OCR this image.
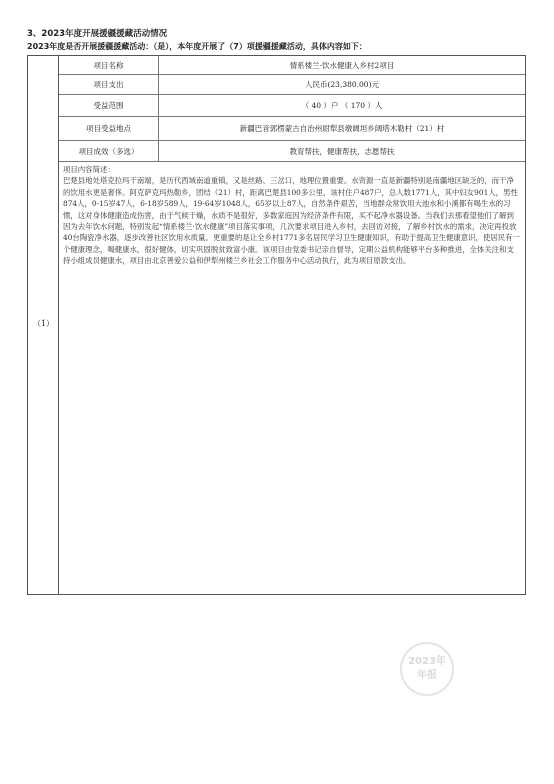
3、2023年度开展援疆援藏活动情况
2023年度是否开展援疆援藏活动：（是），本年度开展了（7）项援疆援藏活动，具体内容如下：
（1）
项目名称	情系楼兰·饮水健康入乡村2项目
项目支出	人民币(23,380.00)元
受益范围	（ 40 ）户 （ 170 ）人
项目受益地点	新疆巴音郭楞蒙古自治州尉犁县墩阔坦乡阔塔木勒村（21）村
项目成效（多选）	教育帮扶，健康帮扶，志愿帮扶

项目内容简述：

巴楚县地处塔克拉玛干南端，是历代西域南道重镇，又是丝路、三岔口，地理位置重要。水资源一直是新疆特别是南疆地区缺乏的，而干净的饮用水更是奢侈。阿克萨克玛热勒乡，团结（21）村，距离巴楚县100多公里，该村住户487户，总人数1771人，其中妇女901人，男性874人，0-15岁47人，6-18岁589人，19-64岁1048人，65岁以上87人，自然条件艰苦，当地群众常饮用大池水和小溪都有喝生水的习惯，这对身体健康造成伤害，由于气候干燥，水质不是很好，多数家庭因为经济条件有限，买不起净水器设备。当我们去那看望他们了解到因为去年饮水问题，特别发起“情系楼兰·饮水健康”项目落实事项，几次要求项目进入乡村，去回访对接，了解乡村饮水的需求，决定再投放40台陶瓷净水器，逐步改善社区饮用水质量。更重要的是让全乡村1771多名居民学习卫生健康知识，有助于提高卫生健康意识，使居民有一个健康理念，喝健康水，很好健体，切实巩固脱贫致富小康。该项目由党委书记亲自督导，定期公益机构能够平台多种推进，全体关注和支持小组成员健康水，项目由北京善爱公益和伊犁州楼兰乡社会工作服务中心活动执行，此为项目原款支出。

2023年
年报
